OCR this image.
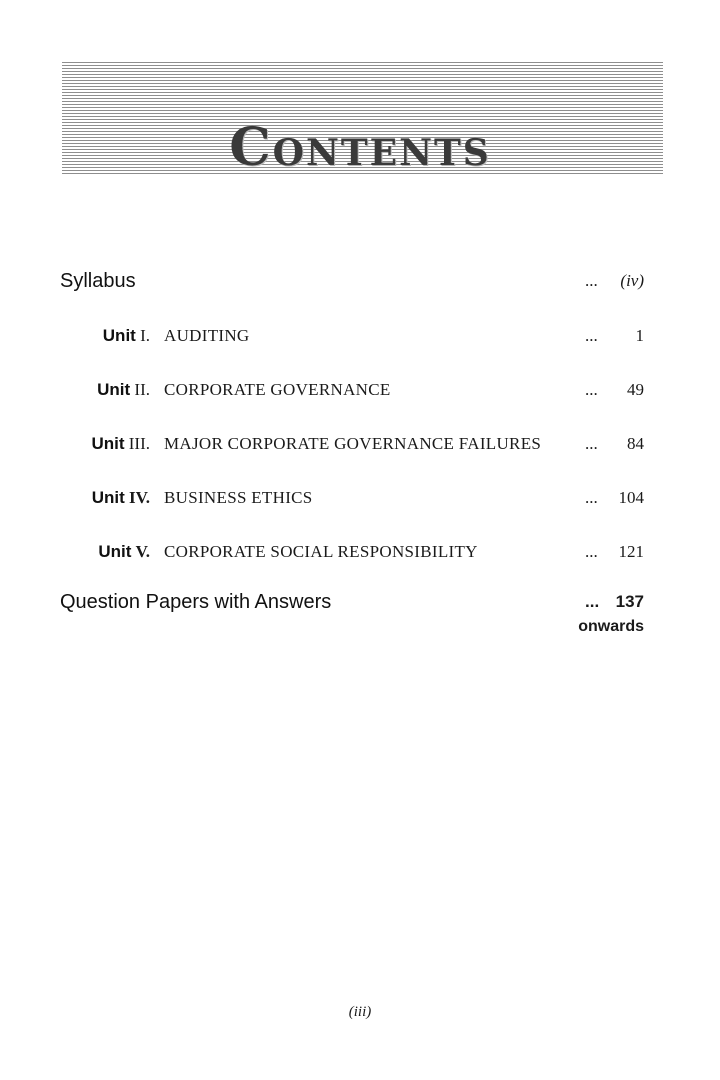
Contents
Syllabus	... (iv)
Unit I. AUDITING	... 1
Unit II. CORPORATE GOVERNANCE	... 49
Unit III. MAJOR CORPORATE GOVERNANCE FAILURES	... 84
Unit IV. BUSINESS ETHICS	... 104
Unit V. CORPORATE SOCIAL RESPONSIBILITY	... 121
Question Papers with Answers	... 137
onwards
(iii)
